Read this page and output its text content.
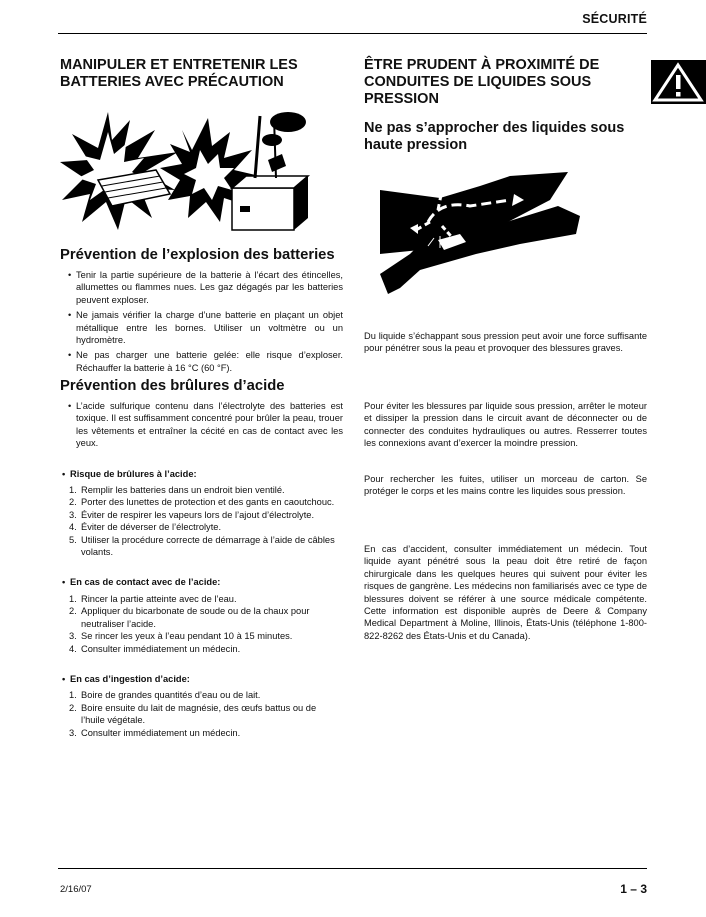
SÉCURITÉ
MANIPULER ET ENTRETENIR LES BATTERIES AVEC PRÉCAUTION
Prévention de l’explosion des batteries
• Tenir la partie supérieure de la batterie à l’écart des étincelles, allumettes ou flammes nues. Les gaz dégagés par les batteries peuvent exploser.
• Ne jamais vérifier la charge d’une batterie en plaçant un objet métallique entre les bornes. Utiliser un voltmètre ou un hydromètre.
• Ne pas charger une batterie gelée: elle risque d’exploser. Réchauffer la batterie à 16 °C (60 °F).
Prévention des brûlures d’acide
• L’acide sulfurique contenu dans l’électrolyte des batteries est toxique. Il est suffisamment concentré pour brûler la peau, trouer les vêtements et entraîner la cécité en cas de contact avec les yeux.
• Risque de brûlures à l’acide:
1. Remplir les batteries dans un endroit bien ventilé.
2. Porter des lunettes de protection et des gants en caoutchouc.
3. Éviter de respirer les vapeurs lors de l’ajout d’électrolyte.
4. Éviter de déverser de l’électrolyte.
5. Utiliser la procédure correcte de démarrage à l’aide de câbles volants.
• En cas de contact avec de l’acide:
1. Rincer la partie atteinte avec de l’eau.
2. Appliquer du bicarbonate de soude ou de la chaux pour neutraliser l’acide.
3. Se rincer les yeux à l’eau pendant 10 à 15 minutes.
4. Consulter immédiatement un médecin.
• En cas d’ingestion d’acide:
1. Boire de grandes quantités d’eau ou de lait.
2. Boire ensuite du lait de magnésie, des œufs battus ou de l’huile végétale.
3. Consulter immédiatement un médecin.
ÊTRE PRUDENT À PROXIMITÉ DE CONDUITES DE LIQUIDES SOUS PRESSION
Ne pas s’approcher des liquides sous haute pression
Du liquide s’échappant sous pression peut avoir une force suffisante pour pénétrer sous la peau et provoquer des blessures graves.
Pour éviter les blessures par liquide sous pression, arrêter le moteur et dissiper la pression dans le circuit avant de déconnecter ou de connecter des conduites hydrauliques ou autres. Resserrer toutes les connexions avant d’exercer la moindre pression.
Pour rechercher les fuites, utiliser un morceau de carton. Se protéger le corps et les mains contre les liquides sous pression.
En cas d’accident, consulter immédiatement un médecin. Tout liquide ayant pénétré sous la peau doit être retiré de façon chirurgicale dans les quelques heures qui suivent pour éviter les risques de gangrène. Les médecins non familiarisés avec ce type de blessures doivent se référer à une source médicale compétente. Cette information est disponible auprès de Deere & Company Medical Department à Moline, Illinois, États-Unis (téléphone 1-800-822-8262 des États-Unis et du Canada).
2/16/07	1 – 3
